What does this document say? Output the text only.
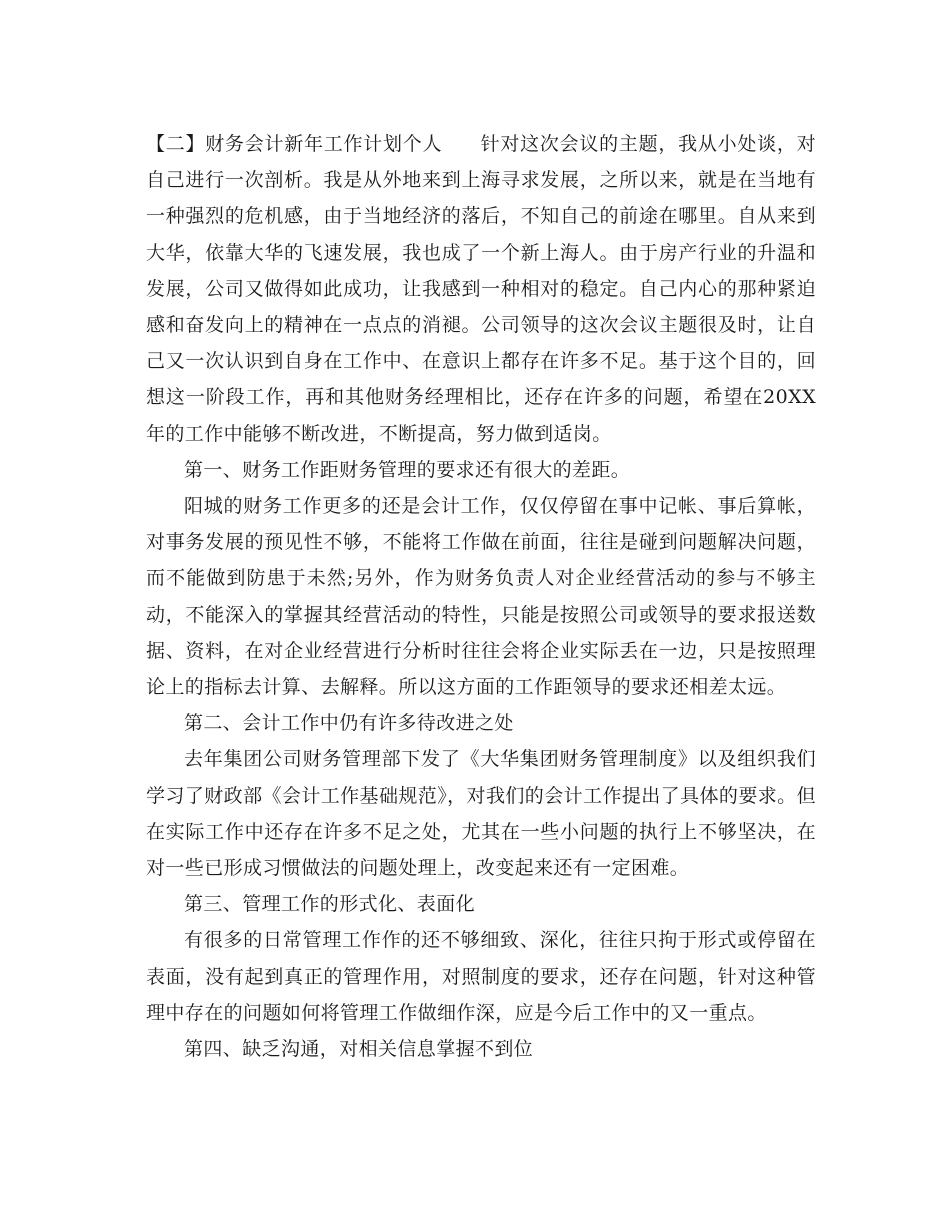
【二】财务会计新年工作计划个人 针对这次会议的主题，我从小处谈，对自己进行一次剖析。我是从外地来到上海寻求发展，之所以来，就是在当地有一种强烈的危机感，由于当地经济的落后，不知自己的前途在哪里。自从来到大华，依靠大华的飞速发展，我也成了一个新上海人。由于房产行业的升温和发展，公司又做得如此成功，让我感到一种相对的稳定。自己内心的那种紧迫感和奋发向上的精神在一点点的消褪。公司领导的这次会议主题很及时，让自己又一次认识到自身在工作中、在意识上都存在许多不足。基于这个目的，回想这一阶段工作，再和其他财务经理相比，还存在许多的问题，希望在20XX年的工作中能够不断改进，不断提高，努力做到适岗。

第一、财务工作距财务管理的要求还有很大的差距。

阳城的财务工作更多的还是会计工作，仅仅停留在事中记帐、事后算帐，对事务发展的预见性不够，不能将工作做在前面，往往是碰到问题解决问题，而不能做到防患于未然;另外，作为财务负责人对企业经营活动的参与不够主动，不能深入的掌握其经营活动的特性，只能是按照公司或领导的要求报送数据、资料，在对企业经营进行分析时往往会将企业实际丢在一边，只是按照理论上的指标去计算、去解释。所以这方面的工作距领导的要求还相差太远。

第二、会计工作中仍有许多待改进之处

去年集团公司财务管理部下发了《大华集团财务管理制度》以及组织我们学习了财政部《会计工作基础规范》，对我们的会计工作提出了具体的要求。但在实际工作中还存在许多不足之处，尤其在一些小问题的执行上不够坚决，在对一些已形成习惯做法的问题处理上，改变起来还有一定困难。

第三、管理工作的形式化、表面化

有很多的日常管理工作作的还不够细致、深化，往往只拘于形式或停留在表面，没有起到真正的管理作用，对照制度的要求，还存在问题，针对这种管理中存在的问题如何将管理工作做细作深，应是今后工作中的又一重点。

第四、缺乏沟通，对相关信息掌握不到位
